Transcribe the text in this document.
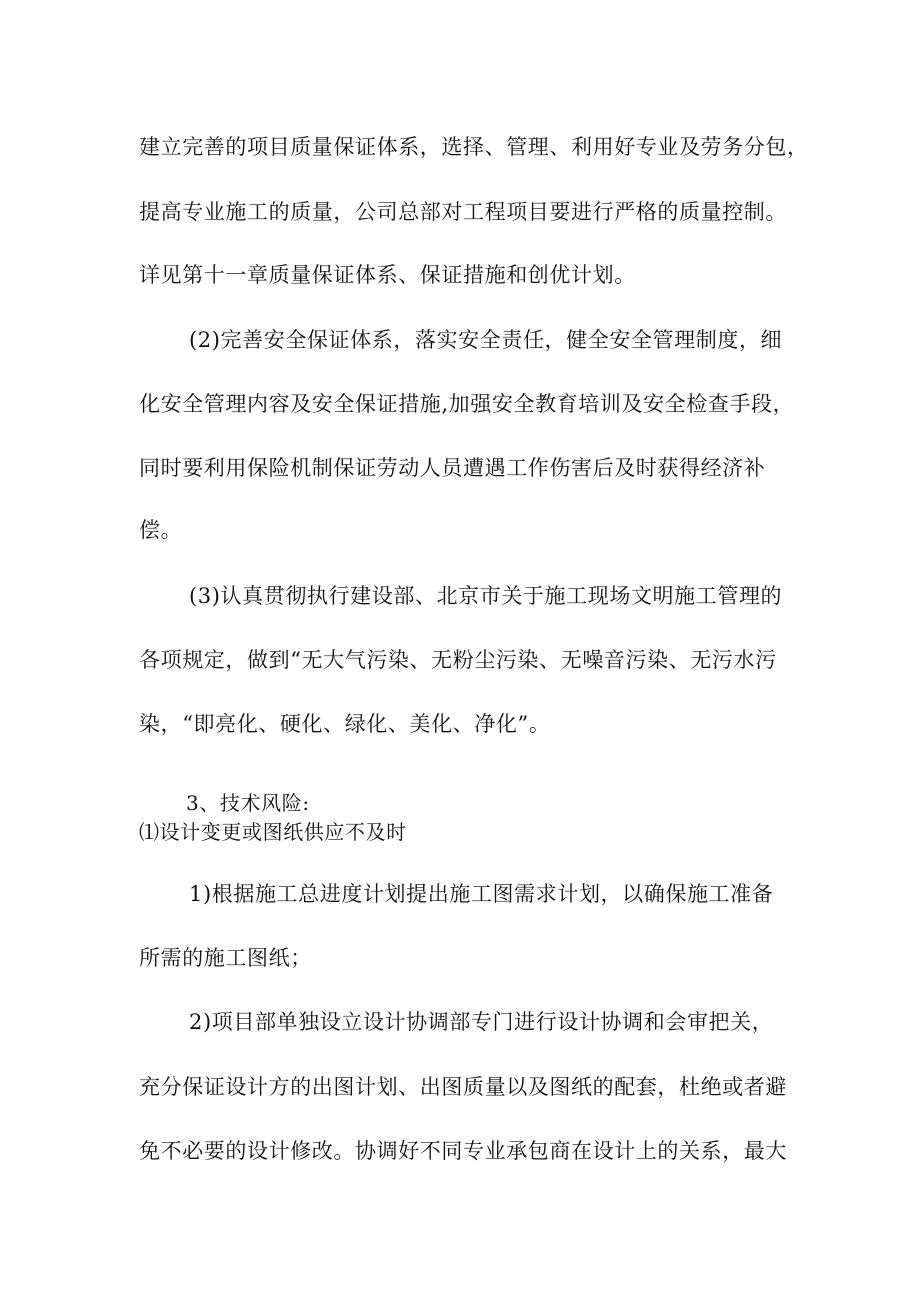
建立完善的项目质量保证体系，选择、管理、利用好专业及劳务分包，
提高专业施工的质量，公司总部对工程项目要进行严格的质量控制。
详见第十一章质量保证体系、保证措施和创优计划。
(2)完善安全保证体系，落实安全责任，健全安全管理制度，细
化安全管理内容及安全保证措施,加强安全教育培训及安全检查手段，
同时要利用保险机制保证劳动人员遭遇工作伤害后及时获得经济补
偿。
(3)认真贯彻执行建设部、北京市关于施工现场文明施工管理的
各项规定，做到“无大气污染、无粉尘污染、无噪音污染、无污水污
染，“即亮化、硬化、绿化、美化、净化”。
3、技术风险:
⑴设计变更或图纸供应不及时
1)根据施工总进度计划提出施工图需求计划，以确保施工准备
所需的施工图纸；
2)项目部单独设立设计协调部专门进行设计协调和会审把关，
充分保证设计方的出图计划、出图质量以及图纸的配套，杜绝或者避
免不必要的设计修改。协调好不同专业承包商在设计上的关系，最大
